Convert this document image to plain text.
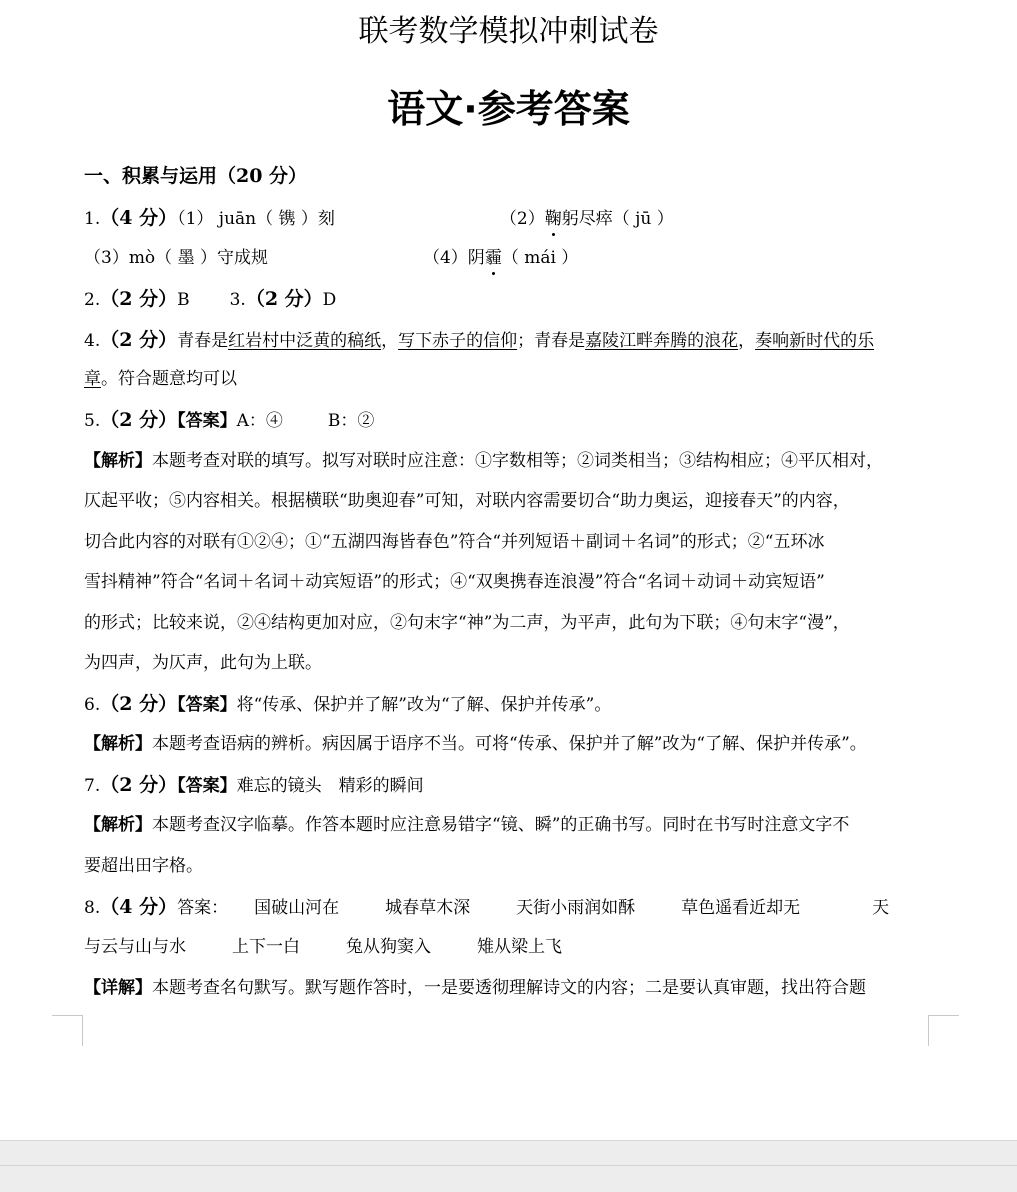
联考数学模拟冲刺试卷
语文·参考答案
一、积累与运用（20 分）
1.（4 分）（1） juān（ 镌 ）刻	（2）鞠躬尽瘁（ jū ）
（3）mò（ 墨 ）守成规	（4）阴霾（ mái ）
2.（2 分）B 3.（2 分）D
4.（2 分）青春是红岩村中泛黄的稿纸，写下赤子的信仰；青春是嘉陵江畔奔腾的浪花，奏响新时代的乐
章。符合题意均可以
5.（2 分）【答案】A：④	B：②
【解析】本题考查对联的填写。拟写对联时应注意：①字数相等；②词类相当；③结构相应；④平仄相对，
仄起平收；⑤内容相关。根据横联“助奥迎春”可知，对联内容需要切合“助力奥运，迎接春天”的内容，
切合此内容的对联有①②④；①“五湖四海皆春色”符合“并列短语＋副词＋名词”的形式；②“五环冰
雪抖精神”符合“名词＋名词＋动宾短语”的形式；④“双奥携春连浪漫”符合“名词＋动词＋动宾短语”
的形式；比较来说，②④结构更加对应，②句末字“神”为二声，为平声，此句为下联；④句末字“漫”，
为四声，为仄声，此句为上联。
6.（2 分）【答案】将“传承、保护并了解”改为“了解、保护并传承”。
【解析】本题考查语病的辨析。病因属于语序不当。可将“传承、保护并了解”改为“了解、保护并传承”。
7.（2 分）【答案】难忘的镜头 精彩的瞬间
【解析】本题考查汉字临摹。作答本题时应注意易错字“镜、瞬”的正确书写。同时在书写时注意文字不
要超出田字格。
8.（4 分）答案： 国破山河在	城春草木深	天街小雨润如酥	草色遥看近却无	天
与云与山与水	上下一白	兔从狗窦入	雉从梁上飞
【详解】本题考查名句默写。默写题作答时，一是要透彻理解诗文的内容；二是要认真审题，找出符合题
